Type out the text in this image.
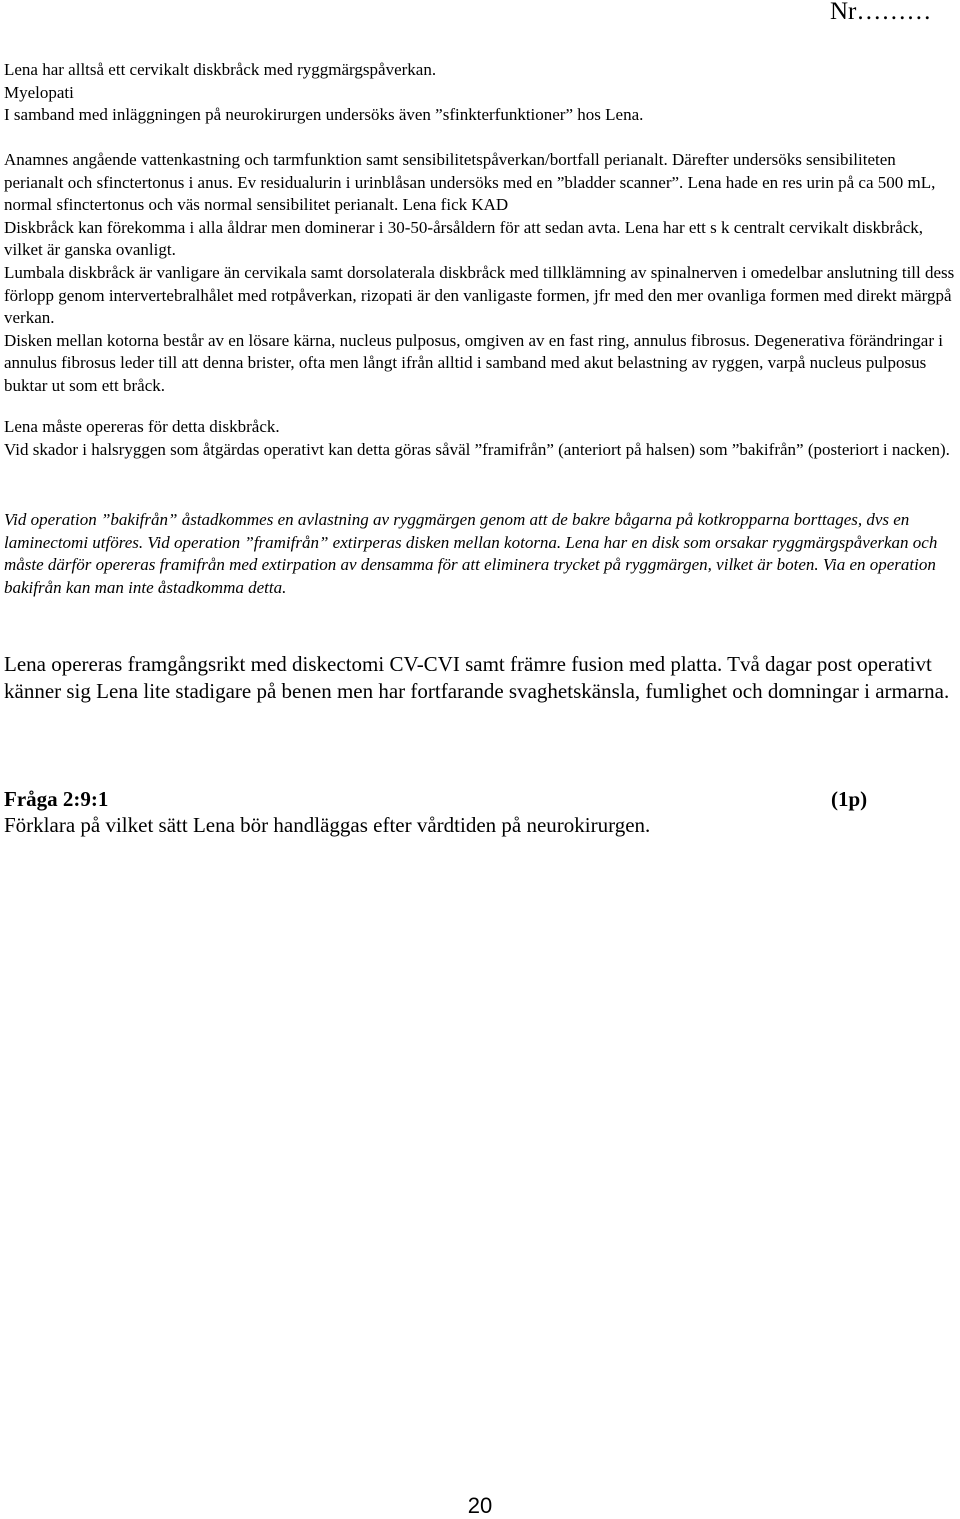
Nr………

Lena har alltså ett cervikalt diskbråck med ryggmärgspåverkan.

Myelopati

I samband med inläggningen på neurokirurgen undersöks även ”sfinkterfunktioner” hos Lena.

Anamnes angående vattenkastning och tarmfunktion samt sensibilitetspåverkan/bortfall perianalt. Därefter undersöks sensibiliteten perianalt och sfinctertonus i anus. Ev residualurin i urinblåsan undersöks med en ”bladder scanner”. Lena hade en res urin på ca 500 mL, normal sfinctertonus och väs normal sensibilitet perianalt. Lena fick KAD

Diskbråck kan förekomma i alla åldrar men dominerar i 30-50-årsåldern för att sedan avta. Lena har ett s k centralt cervikalt diskbråck, vilket är ganska ovanligt.

Lumbala diskbråck är vanligare än cervikala samt dorsolaterala diskbråck med tillklämning av spinalnerven i omedelbar anslutning till dess förlopp genom intervertebralhålet med rotpåverkan, rizopati är den vanligaste formen, jfr med den mer ovanliga formen med direkt märgpå verkan.

Disken mellan kotorna består av en lösare kärna, nucleus pulposus, omgiven av en fast ring, annulus fibrosus. Degenerativa förändringar i annulus fibrosus leder till att denna brister, ofta men långt ifrån alltid i samband med akut belastning av ryggen, varpå nucleus pulposus buktar ut som ett bråck.

Lena måste opereras för detta diskbråck.

Vid skador i halsryggen som åtgärdas operativt kan detta göras såväl ”framifrån” (anteriort på halsen) som ”bakifrån” (posteriort i nacken).

Vid operation ”bakifrån” åstadkommes en avlastning av ryggmärgen genom att de bakre bågarna på kotkropparna borttages, dvs en laminectomi utföres. Vid operation ”framifrån” extirperas disken mellan kotorna. Lena har en disk som orsakar ryggmärgspåverkan och måste därför opereras framifrån med extirpation av densamma för att eliminera trycket på ryggmärgen, vilket är boten. Via en operation bakifrån kan man inte åstadkomma detta.

Lena opereras framgångsrikt med diskectomi CV-CVI samt främre fusion med platta. Två dagar post operativt känner sig Lena lite stadigare på benen men har fortfarande svaghetskänsla, fumlighet och domningar i armarna.

Fråga 2:9:1	(1p)
Förklara på vilket sätt Lena bör handläggas efter vårdtiden på neurokirurgen.
20
